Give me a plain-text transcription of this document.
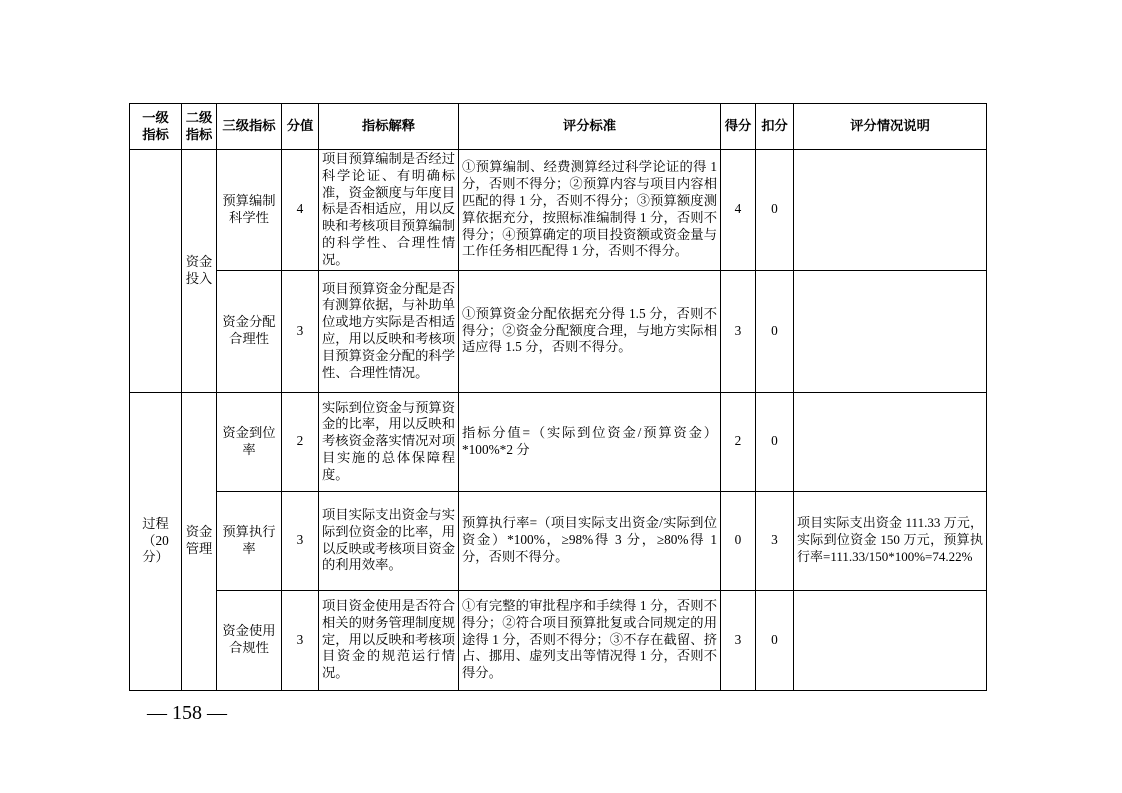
一级指标	二级指标	三级指标	分值	指标解释	评分标准	得分	扣分	评分情况说明
	资金投入	预算编制科学性	4	项目预算编制是否经过科学论证、有明确标准，资金额度与年度目标是否相适应，用以反映和考核项目预算编制的科学性、合理性情况。	①预算编制、经费测算经过科学论证的得 1 分，否则不得分；②预算内容与项目内容相匹配的得 1 分，否则不得分；③预算额度测算依据充分，按照标准编制得 1 分，否则不得分；④预算确定的项目投资额或资金量与工作任务相匹配得 1 分，否则不得分。	4	0	
		资金分配合理性	3	项目预算资金分配是否有测算依据，与补助单位或地方实际是否相适应，用以反映和考核项目预算资金分配的科学性、合理性情况。	①预算资金分配依据充分得 1.5 分，否则不得分；②资金分配额度合理，与地方实际相适应得 1.5 分，否则不得分。	3	0	
过程（20分）	资金管理	资金到位率	2	实际到位资金与预算资金的比率，用以反映和考核资金落实情况对项目实施的总体保障程度。	指标分值=（实际到位资金/预算资金）*100%*2 分	2	0	
		预算执行率	3	项目实际支出资金与实际到位资金的比率，用以反映或考核项目资金的利用效率。	预算执行率=（项目实际支出资金/实际到位资金）*100%，≥98%得 3 分，≥80%得 1 分，否则不得分。	0	3	项目实际支出资金 111.33 万元，实际到位资金 150 万元，预算执行率=111.33/150*100%=74.22%
		资金使用合规性	3	项目资金使用是否符合相关的财务管理制度规定，用以反映和考核项目资金的规范运行情况。	①有完整的审批程序和手续得 1 分，否则不得分；②符合项目预算批复或合同规定的用途得 1 分，否则不得分；③不存在截留、挤占、挪用、虚列支出等情况得 1 分，否则不得分。	3	0	
— 158 —
